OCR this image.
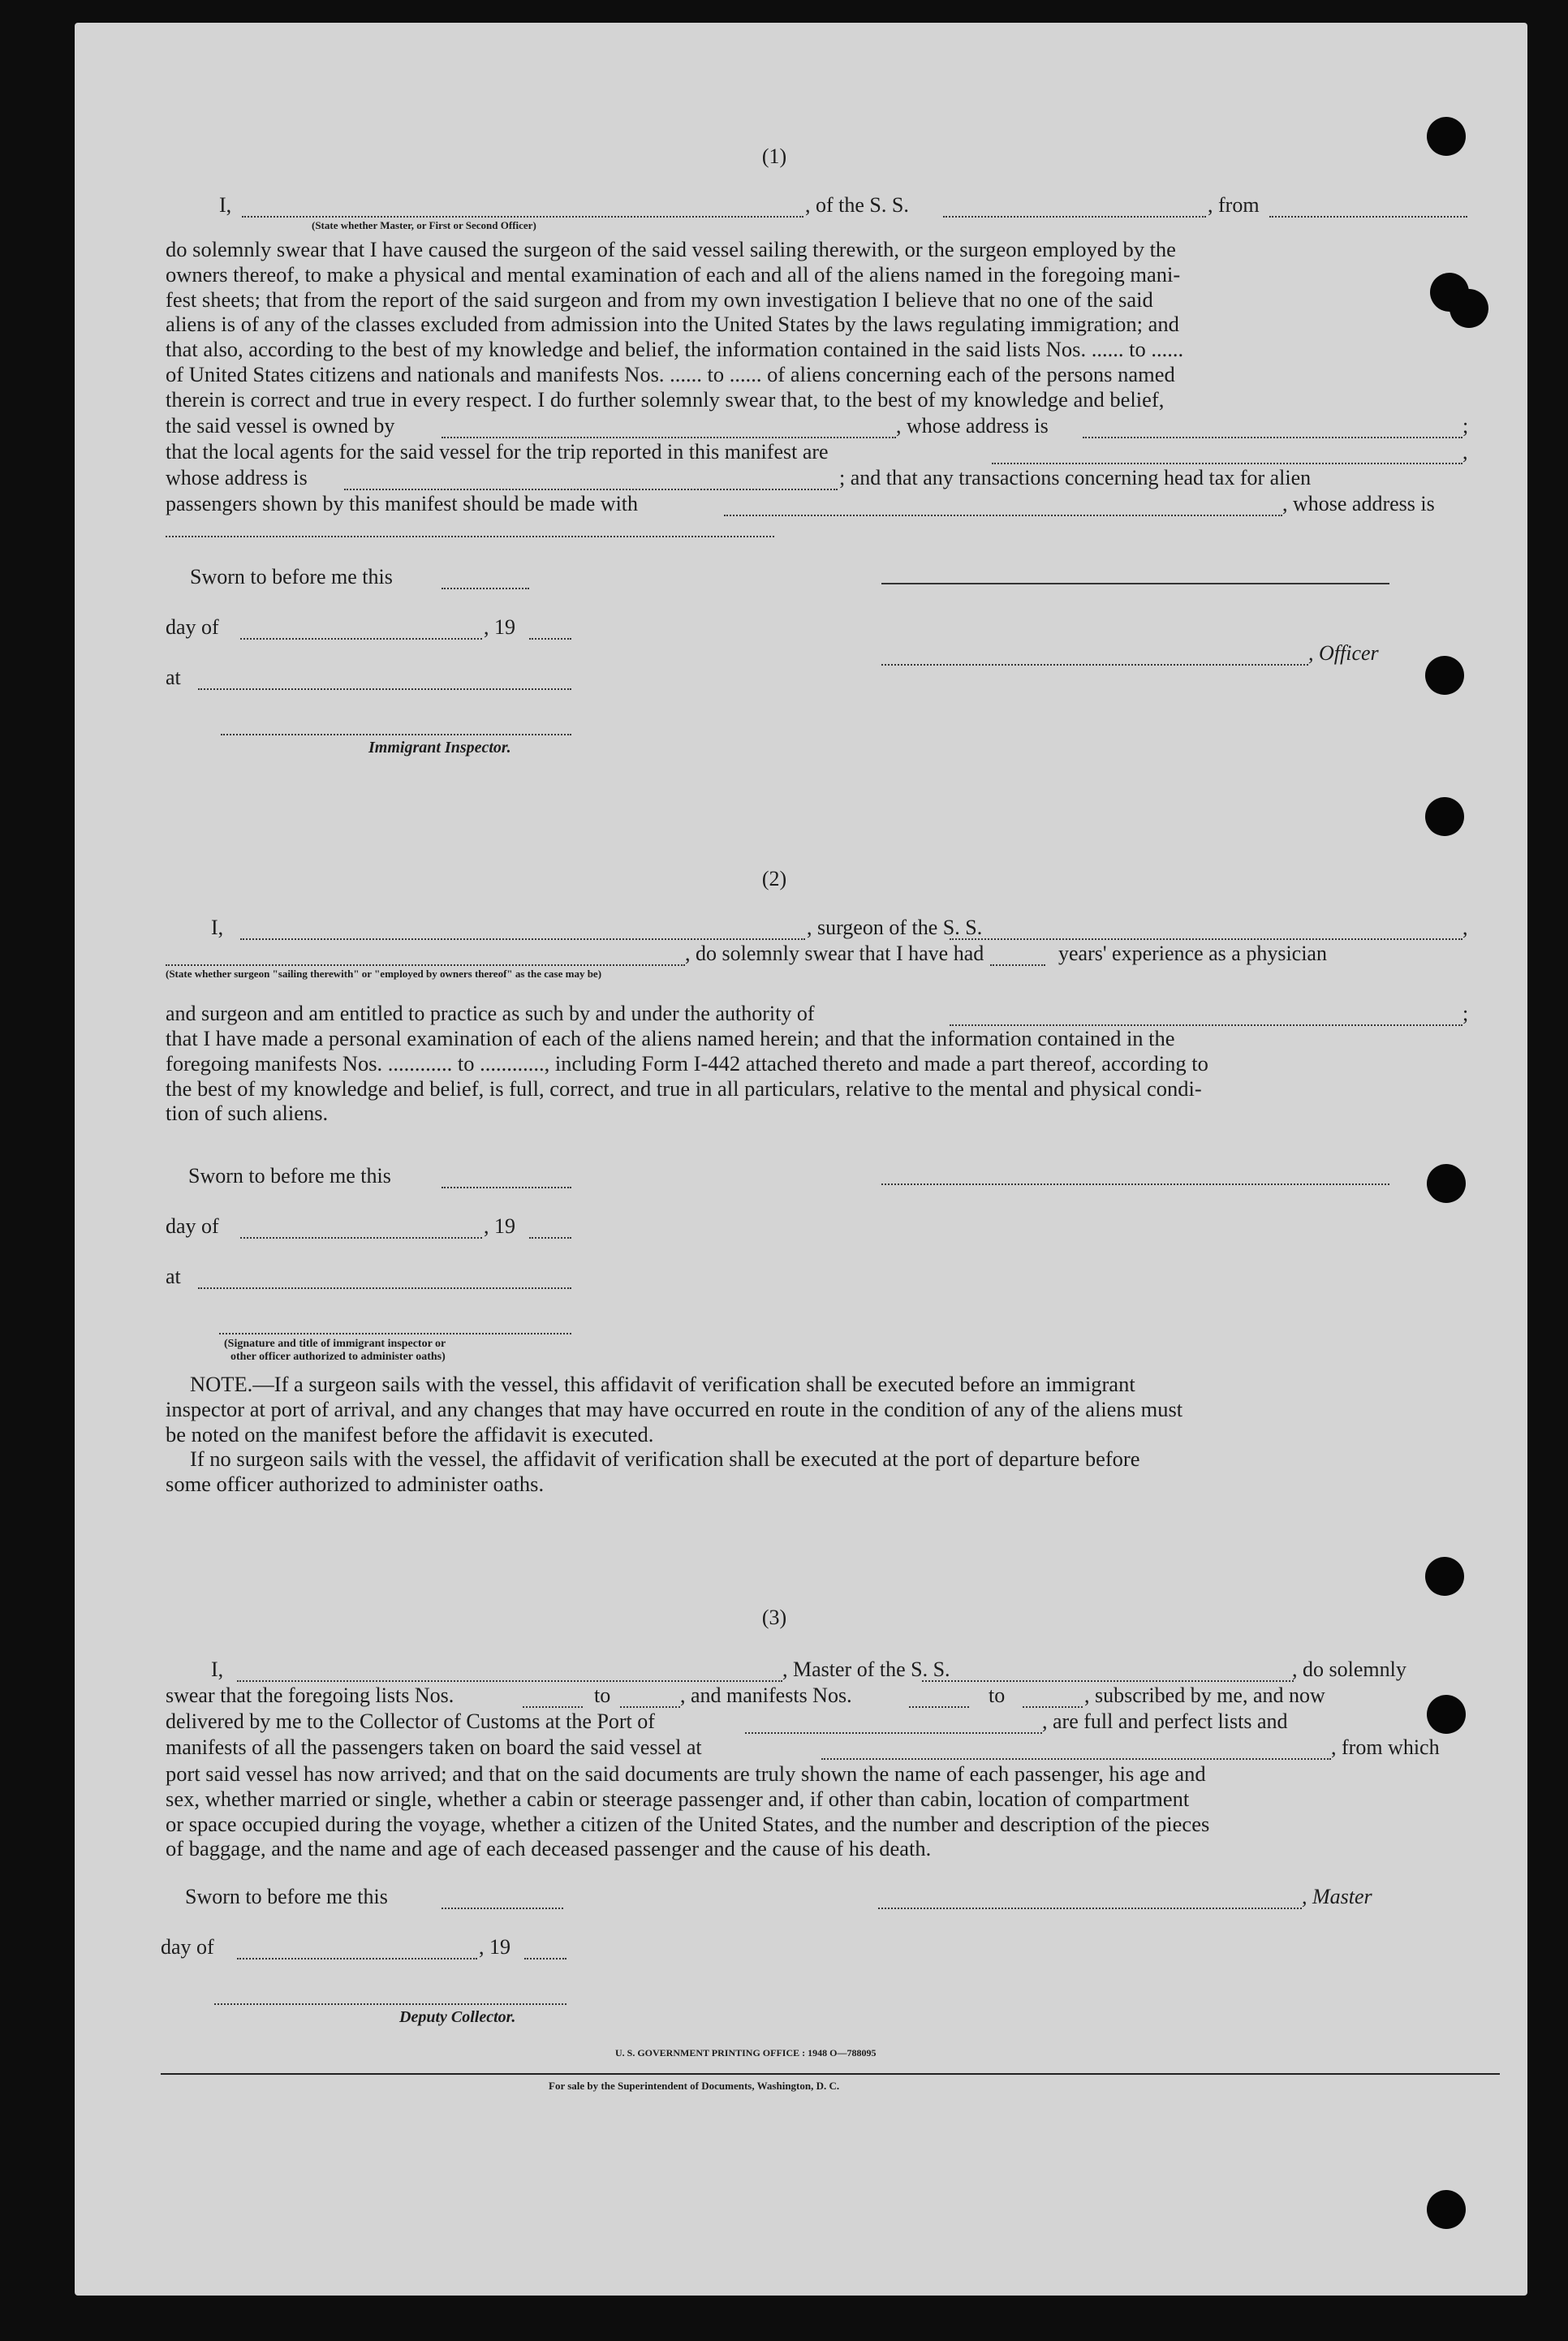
(1)
I,	, of the S. S.	, from
(State whether Master, or First or Second Officer)
do solemnly swear that I have caused the surgeon of the said vessel sailing therewith, or the surgeon employed by the
owners thereof, to make a physical and mental examination of each and all of the aliens named in the foregoing mani-
fest sheets; that from the report of the said surgeon and from my own investigation I believe that no one of the said
aliens is of any of the classes excluded from admission into the United States by the laws regulating immigration; and
that also, according to the best of my knowledge and belief, the information contained in the said lists Nos. ...... to ......
of United States citizens and nationals and manifests Nos. ...... to ...... of aliens concerning each of the persons named
therein is correct and true in every respect. I do further solemnly swear that, to the best of my knowledge and belief,
the said vessel is owned by	, whose address is	;
that the local agents for the said vessel for the trip reported in this manifest are	,
whose address is	; and that any transactions concerning head tax for alien
passengers shown by this manifest should be made with	, whose address is
Sworn to before me this
day of	, 19
, Officer
at
Immigrant Inspector.
(2)
I,	, surgeon of the S. S.	,
, do solemnly swear that I have had	years' experience as a physician
(State whether surgeon "sailing therewith" or "employed by owners thereof" as the case may be)
and surgeon and am entitled to practice as such by and under the authority of	;
that I have made a personal examination of each of the aliens named herein; and that the information contained in the
foregoing manifests Nos. ............ to ............, including Form I-442 attached thereto and made a part thereof, according to
the best of my knowledge and belief, is full, correct, and true in all particulars, relative to the mental and physical condi-
tion of such aliens.
Sworn to before me this
day of	, 19
at
(Signature and title of immigrant inspector or
other officer authorized to administer oaths)
NOTE.—If a surgeon sails with the vessel, this affidavit of verification shall be executed before an immigrant
inspector at port of arrival, and any changes that may have occurred en route in the condition of any of the aliens must
be noted on the manifest before the affidavit is executed.
If no surgeon sails with the vessel, the affidavit of verification shall be executed at the port of departure before
some officer authorized to administer oaths.
(3)
I,	, Master of the S. S.	, do solemnly
swear that the foregoing lists Nos.	to	, and manifests Nos.	to	, subscribed by me, and now
delivered by me to the Collector of Customs at the Port of	, are full and perfect lists and
manifests of all the passengers taken on board the said vessel at	, from which
port said vessel has now arrived; and that on the said documents are truly shown the name of each passenger, his age and
sex, whether married or single, whether a cabin or steerage passenger and, if other than cabin, location of compartment
or space occupied during the voyage, whether a citizen of the United States, and the number and description of the pieces
of baggage, and the name and age of each deceased passenger and the cause of his death.
Sworn to before me this	, Master
day of	, 19
Deputy Collector.
U. S. GOVERNMENT PRINTING OFFICE : 1948 O—788095
For sale by the Superintendent of Documents, Washington, D. C.
